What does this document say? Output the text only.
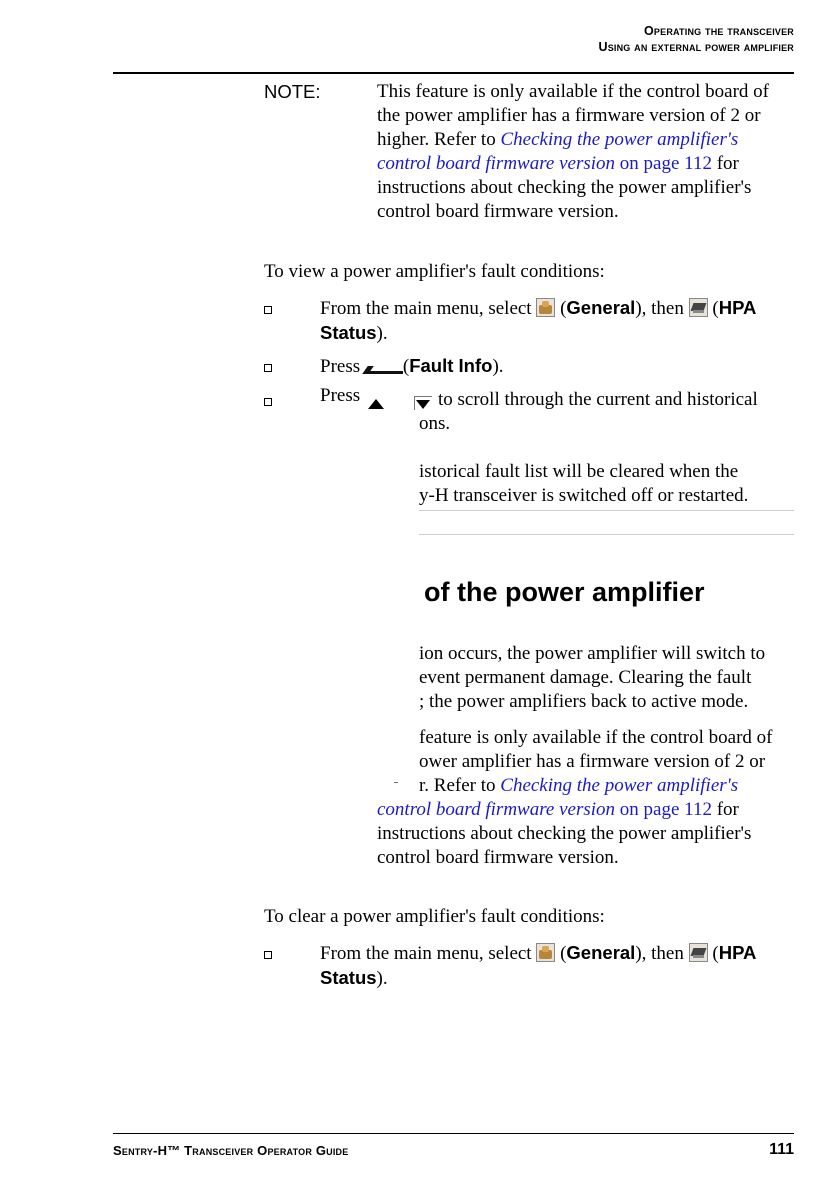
Operating the transceiver
Using an external power amplifier
NOTE:	This feature is only available if the control board of
the power amplifier has a firmware version of 2 or
higher. Refer to Checking the power amplifier's
control board firmware version on page 112 for
instructions about checking the power amplifier's
control board firmware version.
To view a power amplifier's fault conditions:
From the main menu, select  (General), then  (HPA
Status).
Press (Fault Info).
Press	to scroll through the current and historical
ons.
istorical fault list will be cleared when the
y-H transceiver is switched off or restarted.
of the power amplifier
ion occurs, the power amplifier will switch to
event permanent damage. Clearing the fault
; the power amplifiers back to active mode.
feature is only available if the control board of
ower amplifier has a firmware version of 2 or
ˍ	r. Refer to Checking the power amplifier's
control board firmware version on page 112 for
instructions about checking the power amplifier's
control board firmware version.
To clear a power amplifier's fault conditions:
From the main menu, select  (General), then  (HPA
Status).
Sentry-H™ Transceiver Operator Guide	111
